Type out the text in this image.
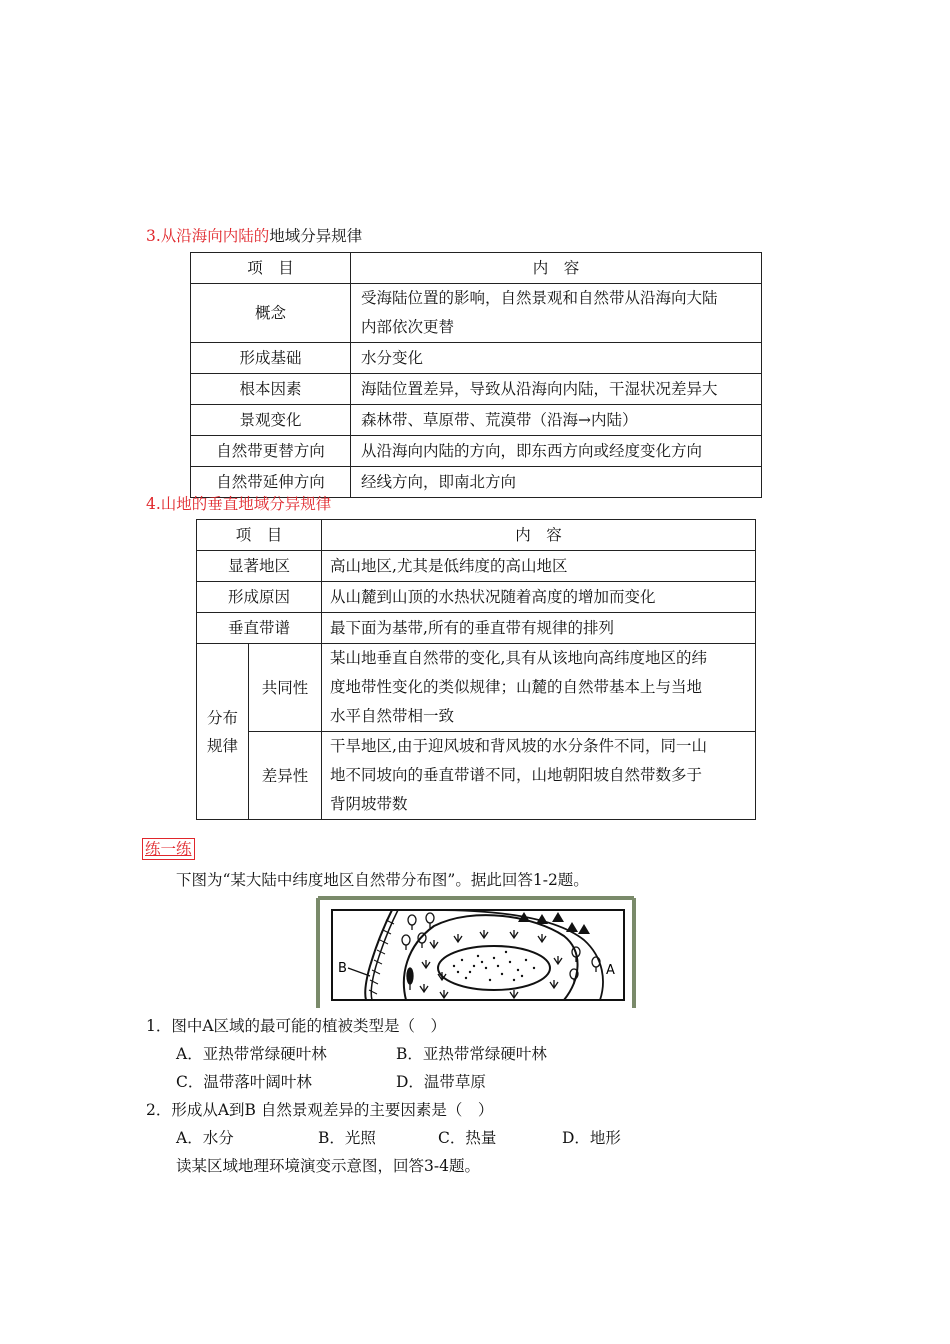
3.从沿海向内陆的地域分异规律
项　目	内　容
概念	受海陆位置的影响，自然景观和自然带从沿海向大陆
内部依次更替
形成基础	水分变化
根本因素	海陆位置差异，导致从沿海向内陆，干湿状况差异大
景观变化	森林带、草原带、荒漠带（沿海→内陆）
自然带更替方向	从沿海向内陆的方向，即东西方向或经度变化方向
自然带延伸方向	经线方向，即南北方向
4.山地的垂直地域分异规律
项　目		内　容
显著地区		高山地区,尤其是低纬度的高山地区
形成原因		从山麓到山顶的水热状况随着高度的增加而变化
垂直带谱		最下面为基带,所有的垂直带有规律的排列
分布
规律	共同性	某山地垂直自然带的变化,具有从该地向高纬度地区的纬
度地带性变化的类似规律；山麓的自然带基本上与当地
水平自然带相一致
	差异性	干旱地区,由于迎风坡和背风坡的水分条件不同，同一山
地不同坡向的垂直带谱不同，山地朝阳坡自然带数多于
背阴坡带数
练一练
下图为“某大陆中纬度地区自然带分布图”。据此回答1-2题。
A
B
1．图中A区域的最可能的植被类型是（　）
A．亚热带常绿硬叶林	B．亚热带常绿硬叶林
C．温带落叶阔叶林	D．温带草原
2．形成从A到B 自然景观差异的主要因素是（　）
A．水分	B．光照	C．热量	D．地形
读某区域地理环境演变示意图，回答3-4题。
